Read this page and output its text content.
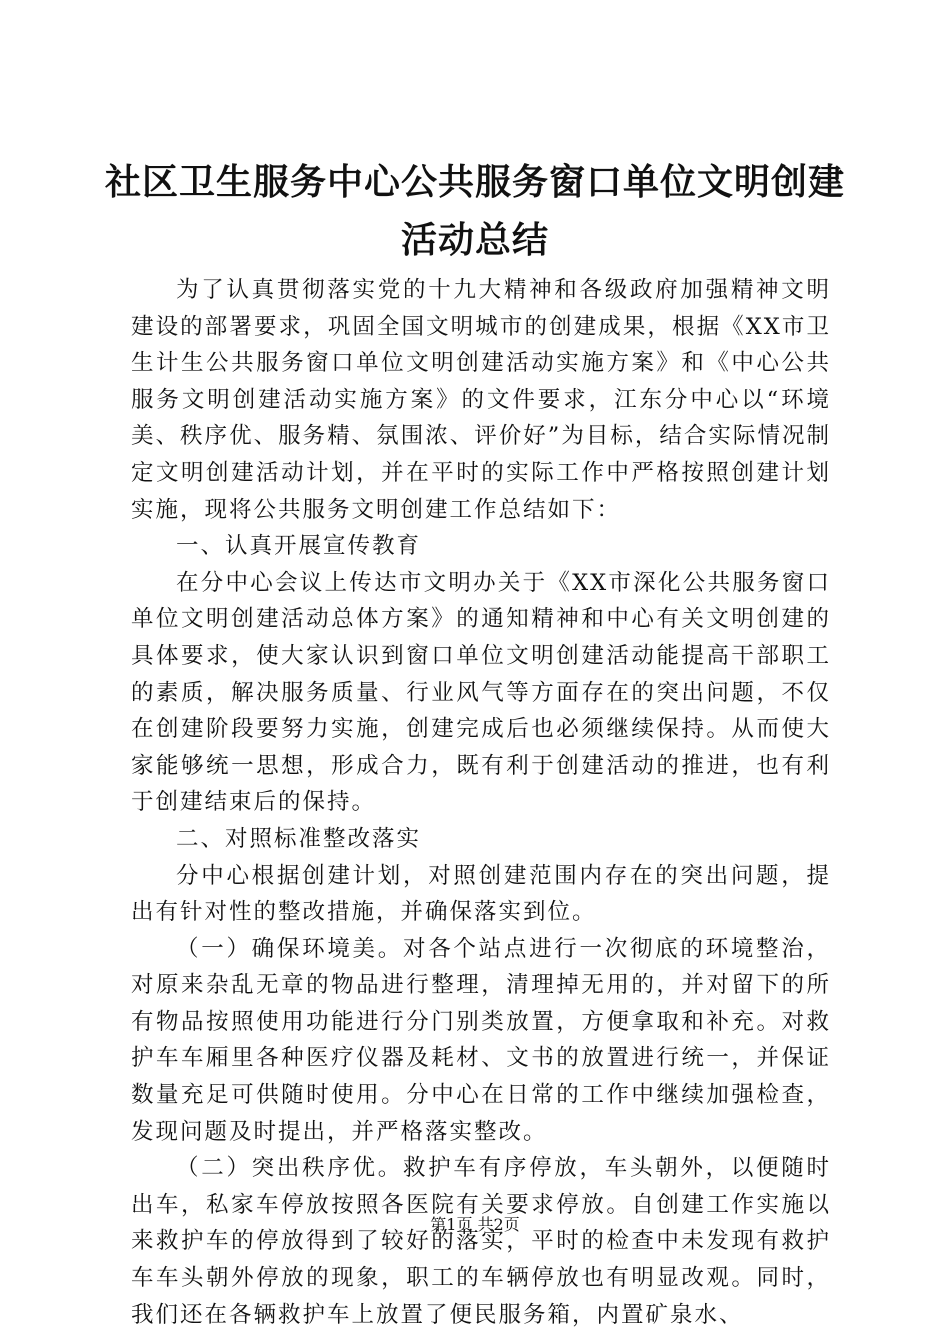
社区卫生服务中心公共服务窗口单位文明创建
活动总结

为了认真贯彻落实党的十九大精神和各级政府加强精神文明建设的部署要求，巩固全国文明城市的创建成果，根据《XX市卫生计生公共服务窗口单位文明创建活动实施方案》和《中心公共服务文明创建活动实施方案》的文件要求，江东分中心以“环境美、秩序优、服务精、氛围浓、评价好”为目标，结合实际情况制定文明创建活动计划，并在平时的实际工作中严格按照创建计划实施，现将公共服务文明创建工作总结如下：

一、认真开展宣传教育

在分中心会议上传达市文明办关于《XX市深化公共服务窗口单位文明创建活动总体方案》的通知精神和中心有关文明创建的具体要求，使大家认识到窗口单位文明创建活动能提高干部职工的素质，解决服务质量、行业风气等方面存在的突出问题，不仅在创建阶段要努力实施，创建完成后也必须继续保持。从而使大家能够统一思想，形成合力，既有利于创建活动的推进，也有利于创建结束后的保持。

二、对照标准整改落实

分中心根据创建计划，对照创建范围内存在的突出问题，提出有针对性的整改措施，并确保落实到位。

（一）确保环境美。对各个站点进行一次彻底的环境整治，对原来杂乱无章的物品进行整理，清理掉无用的，并对留下的所有物品按照使用功能进行分门别类放置，方便拿取和补充。对救护车车厢里各种医疗仪器及耗材、文书的放置进行统一，并保证数量充足可供随时使用。分中心在日常的工作中继续加强检查，发现问题及时提出，并严格落实整改。

（二）突出秩序优。救护车有序停放，车头朝外，以便随时出车，私家车停放按照各医院有关要求停放。自创建工作实施以来救护车的停放得到了较好的落实，平时的检查中未发现有救护车车头朝外停放的现象，职工的车辆停放也有明显改观。同时，我们还在各辆救护车上放置了便民服务箱，内置矿泉水、

第1页 共2页
